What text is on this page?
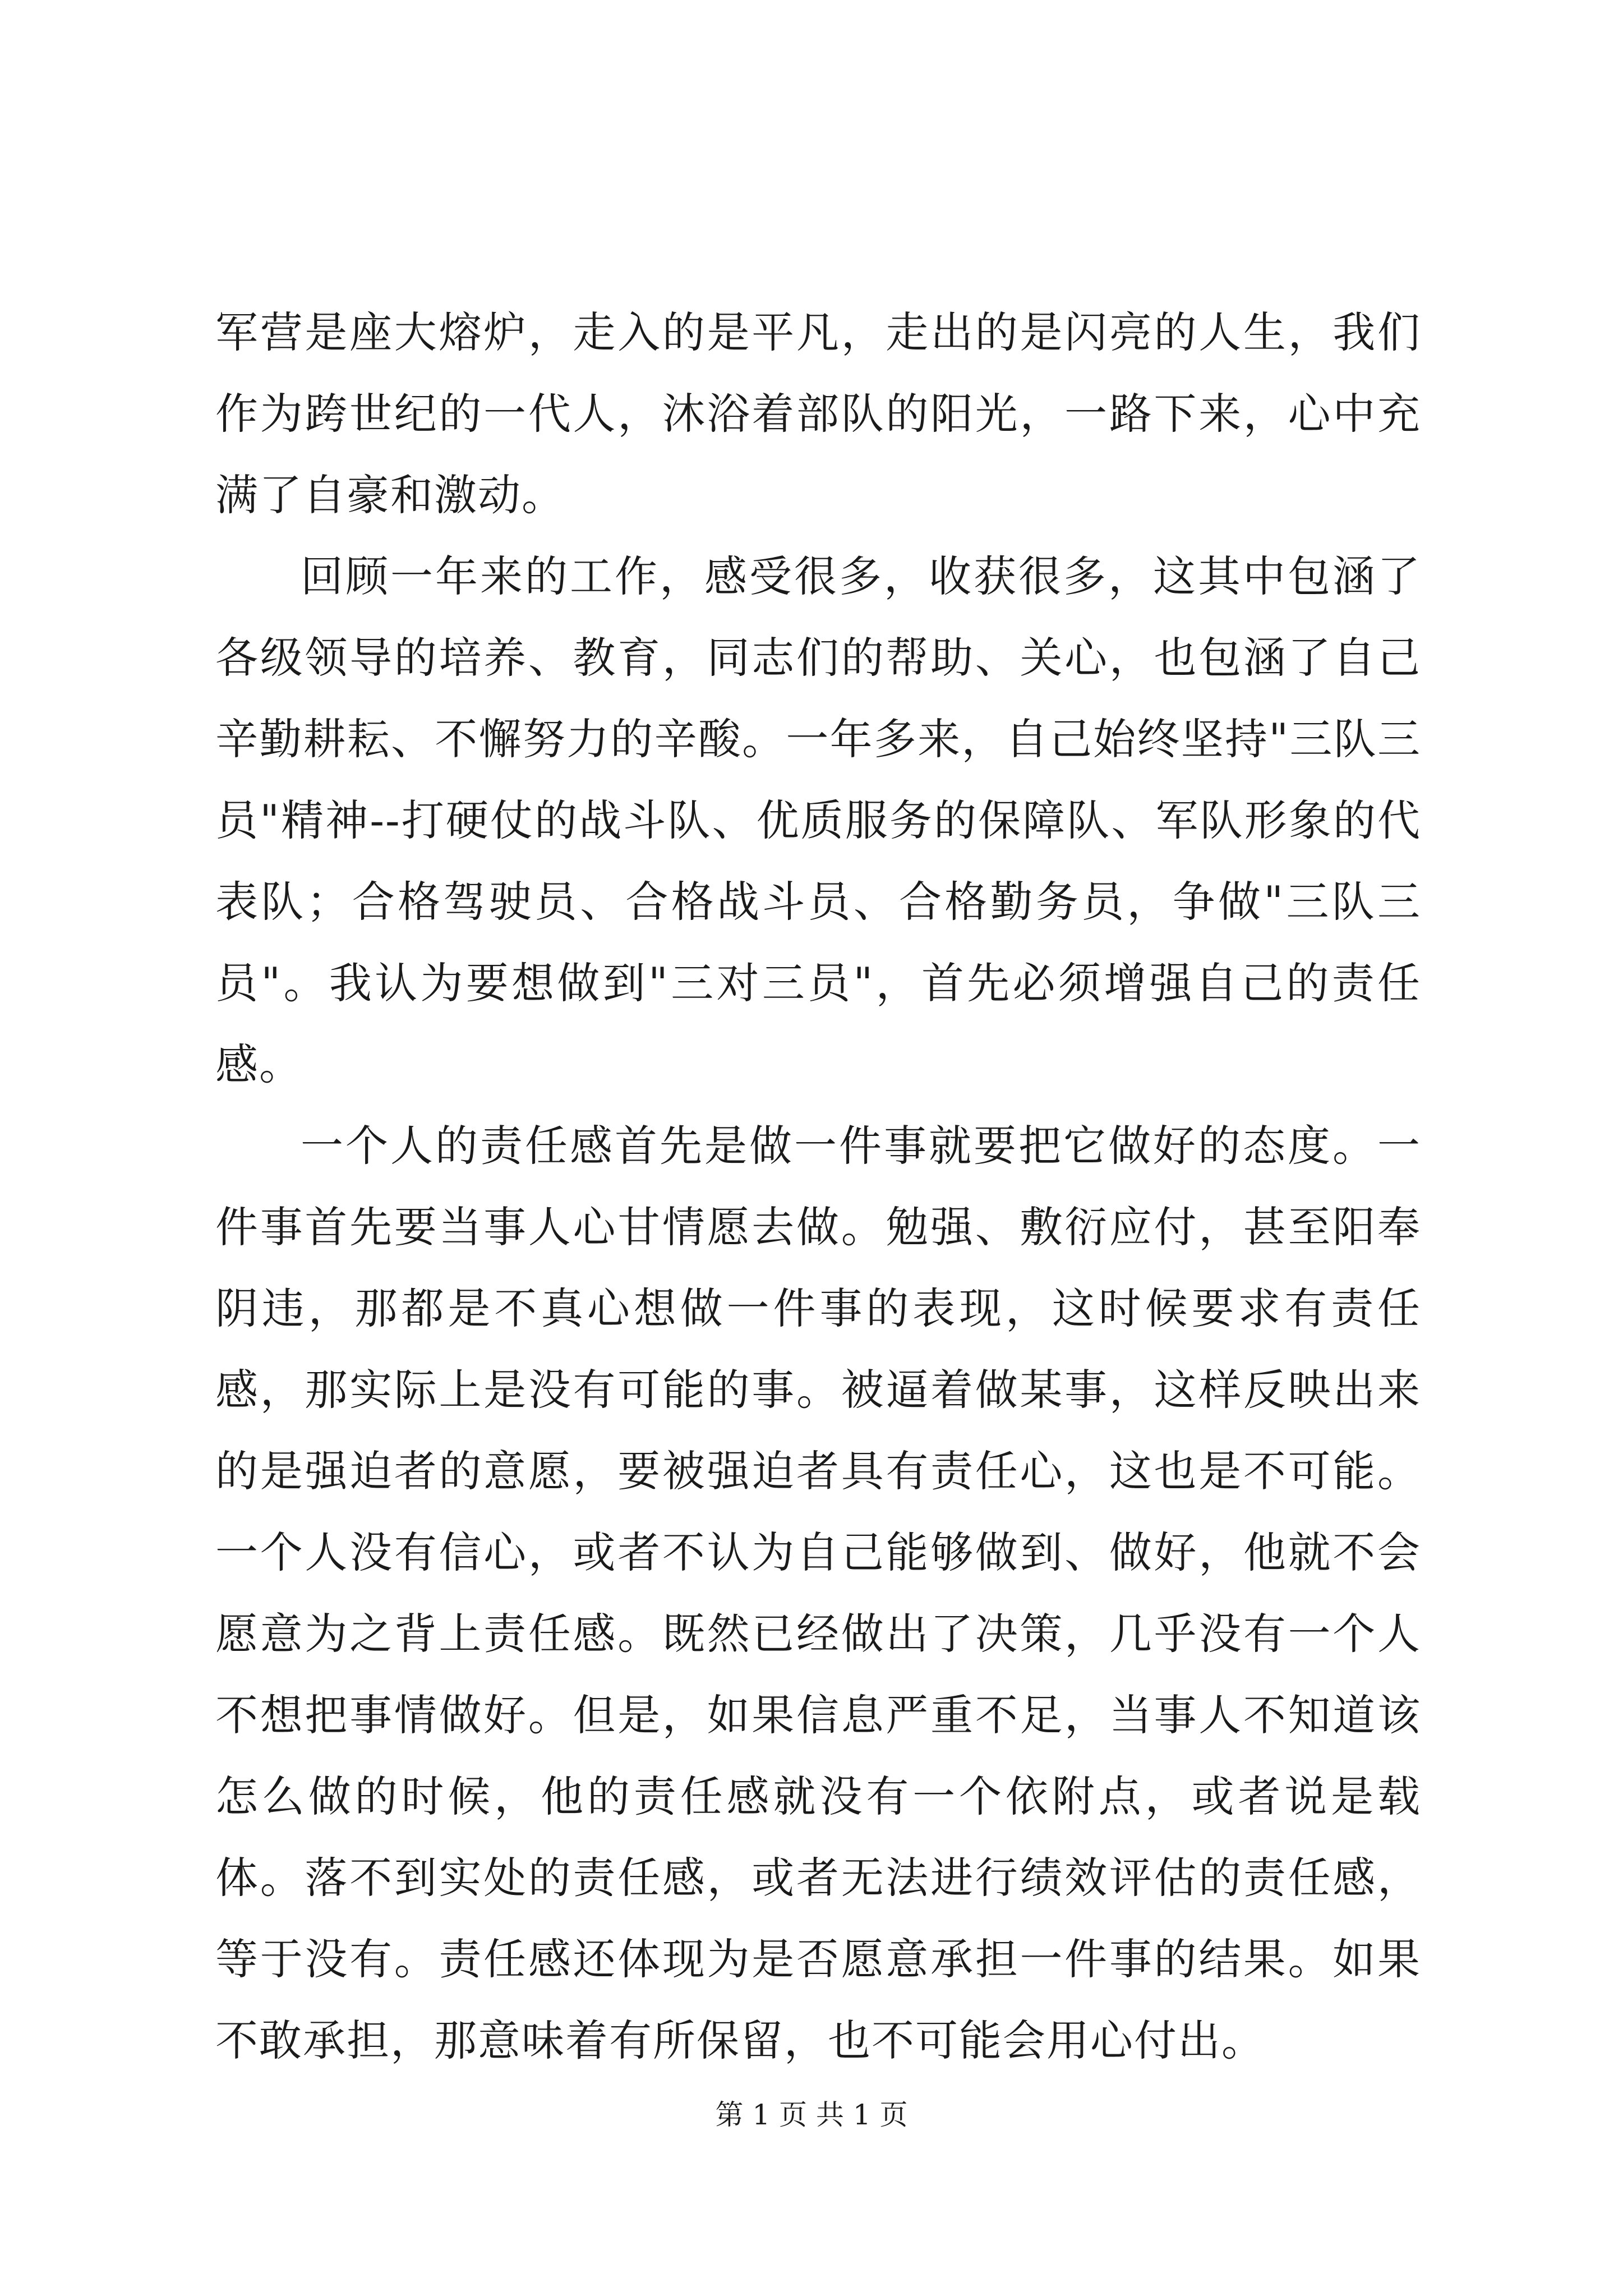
军营是座大熔炉，走入的是平凡，走出的是闪亮的人生，我们作为跨世纪的一代人，沐浴着部队的阳光，一路下来，心中充满了自豪和激动。

回顾一年来的工作，感受很多，收获很多，这其中包涵了各级领导的培养、教育，同志们的帮助、关心，也包涵了自己辛勤耕耘、不懈努力的辛酸。一年多来，自己始终坚持"三队三员"精神--打硬仗的战斗队、优质服务的保障队、军队形象的代表队；合格驾驶员、合格战斗员、合格勤务员，争做"三队三员"。我认为要想做到"三对三员"，首先必须增强自己的责任感。

一个人的责任感首先是做一件事就要把它做好的态度。一件事首先要当事人心甘情愿去做。勉强、敷衍应付，甚至阳奉阴违，那都是不真心想做一件事的表现，这时候要求有责任感，那实际上是没有可能的事。被逼着做某事，这样反映出来的是强迫者的意愿，要被强迫者具有责任心，这也是不可能。一个人没有信心，或者不认为自己能够做到、做好，他就不会愿意为之背上责任感。既然已经做出了决策，几乎没有一个人不想把事情做好。但是，如果信息严重不足，当事人不知道该怎么做的时候，他的责任感就没有一个依附点，或者说是载体。落不到实处的责任感，或者无法进行绩效评估的责任感，等于没有。责任感还体现为是否愿意承担一件事的结果。如果不敢承担，那意味着有所保留，也不可能会用心付出。

第 1 页 共 1 页
